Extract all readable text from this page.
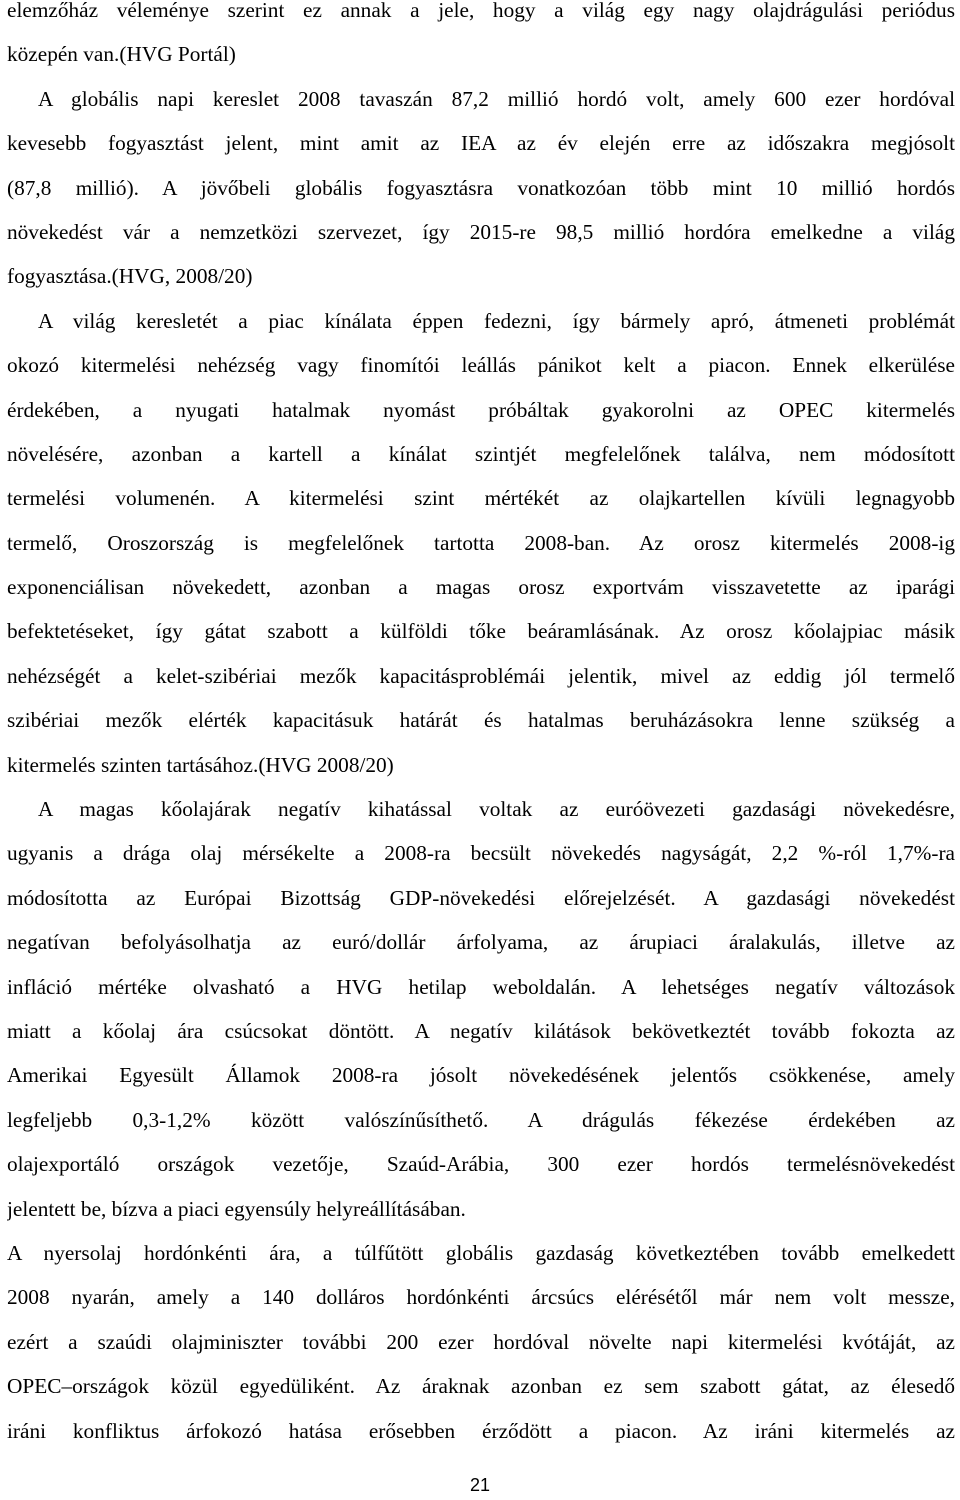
elemzőház véleménye szerint ez annak a jele, hogy a világ egy nagy olajdrágulási periódus
közepén van.(HVG Portál)
A globális napi kereslet 2008 tavaszán 87,2 millió hordó volt, amely 600 ezer hordóval
kevesebb fogyasztást jelent, mint amit az IEA az év elején erre az időszakra megjósolt
(87,8 millió). A jövőbeli globális fogyasztásra vonatkozóan több mint 10 millió hordós
növekedést vár a nemzetközi szervezet, így 2015-re 98,5 millió hordóra emelkedne a világ
fogyasztása.(HVG, 2008/20)
A világ keresletét a piac kínálata éppen fedezni, így bármely apró, átmeneti problémát
okozó kitermelési nehézség vagy finomítói leállás pánikot kelt a piacon. Ennek elkerülése
érdekében, a nyugati hatalmak nyomást próbáltak gyakorolni az OPEC kitermelés
növelésére, azonban a kartell a kínálat szintjét megfelelőnek találva, nem módosított
termelési volumenén. A kitermelési szint mértékét az olajkartellen kívüli legnagyobb
termelő, Oroszország is megfelelőnek tartotta 2008-ban. Az orosz kitermelés 2008-ig
exponenciálisan növekedett, azonban a magas orosz exportvám visszavetette az iparági
befektetéseket, így gátat szabott a külföldi tőke beáramlásának. Az orosz kőolajpiac másik
nehézségét a kelet-szibériai mezők kapacitásproblémái jelentik, mivel az eddig jól termelő
szibériai mezők elérték kapacitásuk határát és hatalmas beruházásokra lenne szükség a
kitermelés szinten tartásához.(HVG 2008/20)
A magas kőolajárak negatív kihatással voltak az euróövezeti gazdasági növekedésre,
ugyanis a drága olaj mérsékelte a 2008-ra becsült növekedés nagyságát, 2,2 %-ról 1,7%-ra
módosította az Európai Bizottság GDP-növekedési előrejelzését. A gazdasági növekedést
negatívan befolyásolhatja az euró/dollár árfolyama, az árupiaci áralakulás, illetve az
infláció mértéke olvasható a HVG hetilap weboldalán. A lehetséges negatív változások
miatt a kőolaj ára csúcsokat döntött. A negatív kilátások bekövetkeztét tovább fokozta az
Amerikai Egyesült Államok 2008-ra jósolt növekedésének jelentős csökkenése, amely
legfeljebb 0,3-1,2% között valószínűsíthető. A drágulás fékezése érdekében az
olajexportáló országok vezetője, Szaúd-Arábia, 300 ezer hordós termelésnövekedést
jelentett be, bízva a piaci egyensúly helyreállításában.
A nyersolaj hordónkénti ára, a túlfűtött globális gazdaság következtében tovább emelkedett
2008 nyarán, amely a 140 dolláros hordónkénti árcsúcs elérésétől már nem volt messze,
ezért a szaúdi olajminiszter további 200 ezer hordóval növelte napi kitermelési kvótáját, az
OPEC–országok közül egyedüliként. Az áraknak azonban ez sem szabott gátat, az élesedő
iráni konfliktus árfokozó hatása erősebben érződött a piacon. Az iráni kitermelés az
21
